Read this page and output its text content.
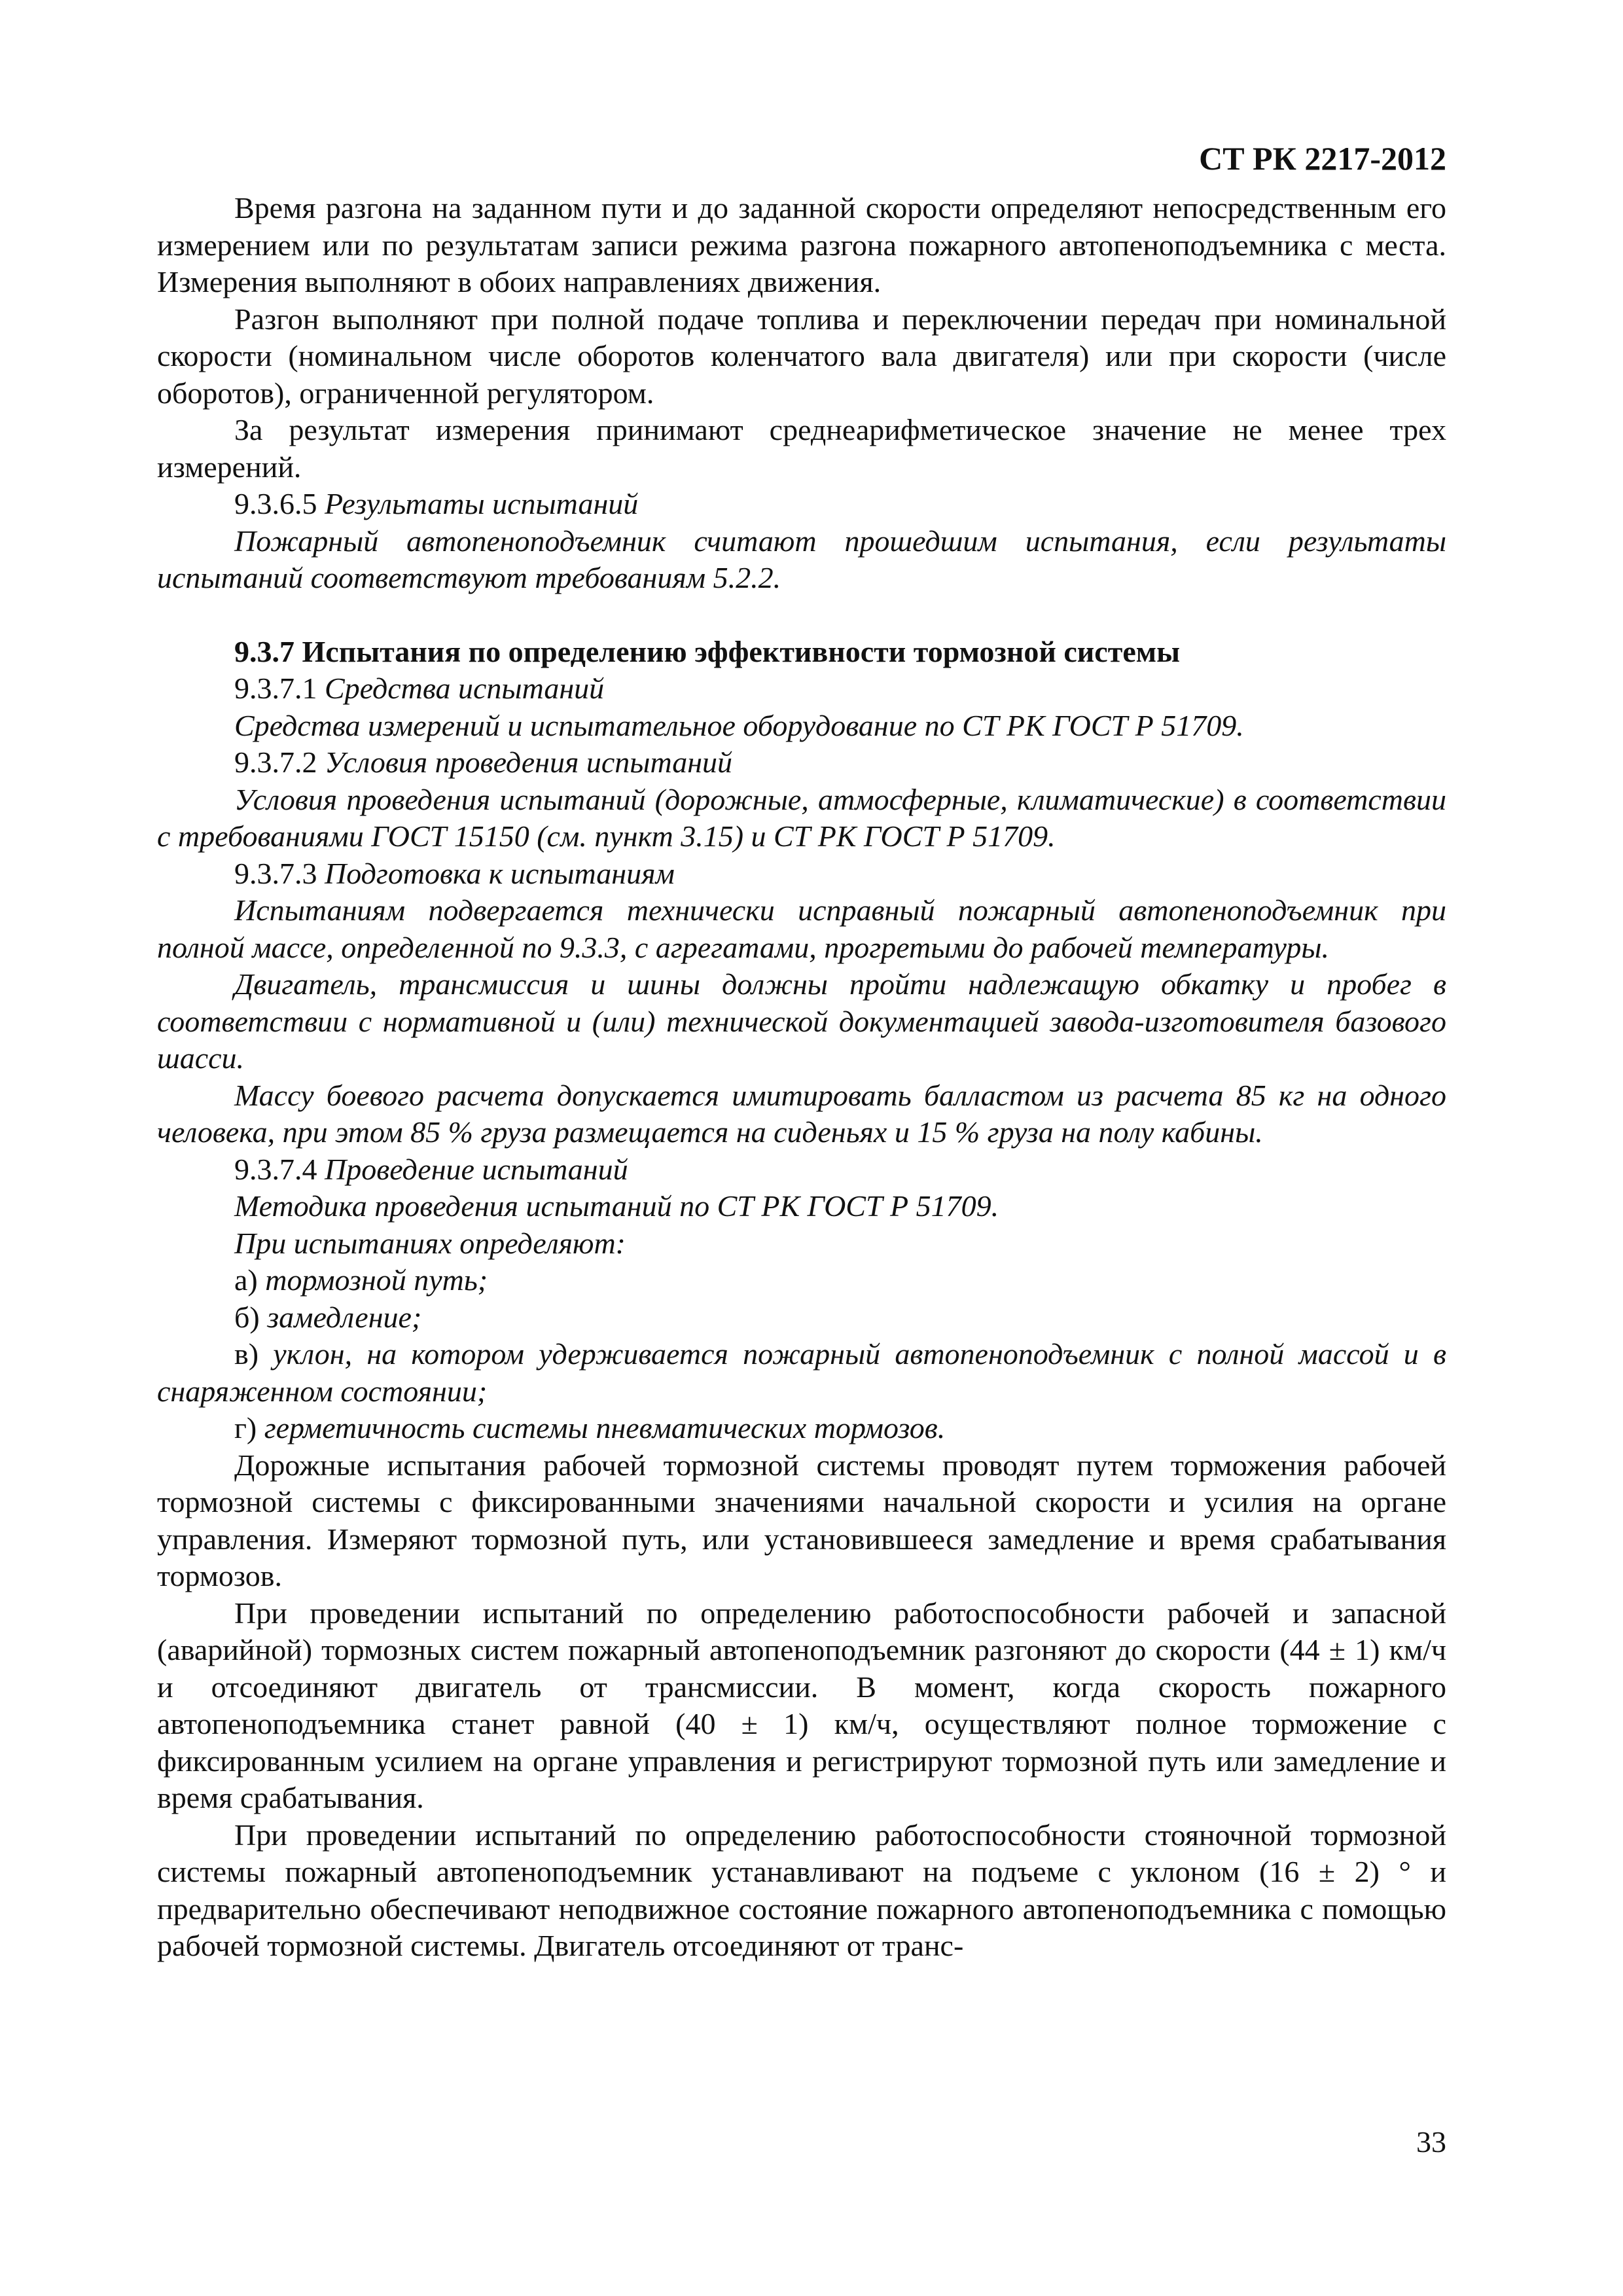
СТ РК 2217-2012

Время разгона на заданном пути и до заданной скорости определяют непосредственным его измерением или по результатам записи режима разгона пожарного автопеноподъемника с места. Измерения выполняют в обоих направлениях движения.

Разгон выполняют при полной подаче топлива и переключении передач при номинальной скорости (номинальном числе оборотов коленчатого вала двигателя) или при скорости (числе оборотов), ограниченной регулятором.

За результат измерения принимают среднеарифметическое значение не менее трех измерений.

9.3.6.5 Результаты испытаний

Пожарный автопеноподъемник считают прошедшим испытания, если результаты испытаний соответствуют требованиям 5.2.2.

9.3.7 Испытания по определению эффективности тормозной системы

9.3.7.1 Средства испытаний

Средства измерений и испытательное оборудование по СТ РК ГОСТ Р 51709.

9.3.7.2 Условия проведения испытаний

Условия проведения испытаний (дорожные, атмосферные, климатические) в соответствии с требованиями ГОСТ 15150 (см. пункт 3.15) и СТ РК ГОСТ Р 51709.

9.3.7.3 Подготовка к испытаниям

Испытаниям подвергается технически исправный пожарный автопеноподъемник при полной массе, определенной по 9.3.3, с агрегатами, прогретыми до рабочей температуры.

Двигатель, трансмиссия и шины должны пройти надлежащую обкатку и пробег в соответствии с нормативной и (или) технической документацией завода-изготовителя базового шасси.

Массу боевого расчета допускается имитировать балластом из расчета 85 кг на одного человека, при этом 85 % груза размещается на сиденьях и 15 % груза на полу кабины.

9.3.7.4 Проведение испытаний

Методика проведения испытаний по СТ РК ГОСТ Р 51709.

При испытаниях определяют:

а) тормозной путь;

б) замедление;

в) уклон, на котором удерживается пожарный автопеноподъемник с полной массой и в снаряженном состоянии;

г) герметичность системы пневматических тормозов.

Дорожные испытания рабочей тормозной системы проводят путем торможения рабочей тормозной системы с фиксированными значениями начальной скорости и усилия на органе управления. Измеряют тормозной путь, или установившееся замедление и время срабатывания тормозов.

При проведении испытаний по определению работоспособности рабочей и запасной (аварийной) тормозных систем пожарный автопеноподъемник разгоняют до скорости (44 ± 1) км/ч и отсоединяют двигатель от трансмиссии. В момент, когда скорость пожарного автопеноподъемника станет равной (40 ± 1) км/ч, осуществляют полное торможение с фиксированным усилием на органе управления и регистрируют тормозной путь или замедление и время срабатывания.

При проведении испытаний по определению работоспособности стояночной тормозной системы пожарный автопеноподъемник устанавливают на подъеме с уклоном (16 ± 2) ° и предварительно обеспечивают неподвижное состояние пожарного автопеноподъемника с помощью рабочей тормозной системы. Двигатель отсоединяют от транс-

33
